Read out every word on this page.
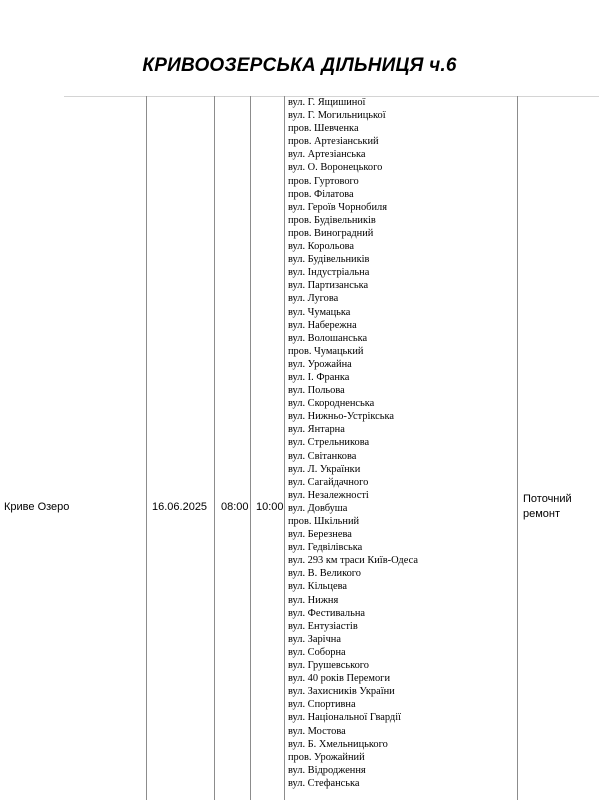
КРИВООЗЕРСЬКА ДІЛЬНИЦЯ ч.6
Криве Озеро	16.06.2025 08:00 10:00
вул. Г. Ящишиної
вул. Г. Могильницької
пров. Шевченка
пров. Артезіанський
вул. Артезіанська
вул. О. Воронецького
пров. Гуртового
пров. Філатова
вул. Героїв Чорнобиля
пров. Будівельників
пров. Виноградний
вул. Корольова
вул. Будівельників
вул. Індустріальна
вул. Партизанська
вул. Лугова
вул. Чумацька
вул. Набережна
вул. Волошанська
пров. Чумацький
вул. Урожайна
вул. І. Франка
вул. Польова
вул. Скородненська
вул. Нижньо-Устрiкська
вул. Янтарна
вул. Стрельникова
вул. Світанкова
вул. Л. Українки
вул. Сагайдачного
вул. Незалежності
вул. Довбуша
пров. Шкільний
вул. Березнева
вул. Гедвілівська
вул. 293 км траси Київ-Одеса
вул. В. Великого
вул. Кільцева
вул. Нижня
вул. Фестивальна
вул. Ентузіастів
вул. Зарічна
вул. Соборна
вул. Грушевського
вул. 40 років Перемоги
вул. Захисників України
вул. Спортивна
вул. Національної Гвардії
вул. Мостова
вул. Б. Хмельницького
пров. Урожайний
вул. Відродження
вул. Стефанська
Поточний
ремонт
